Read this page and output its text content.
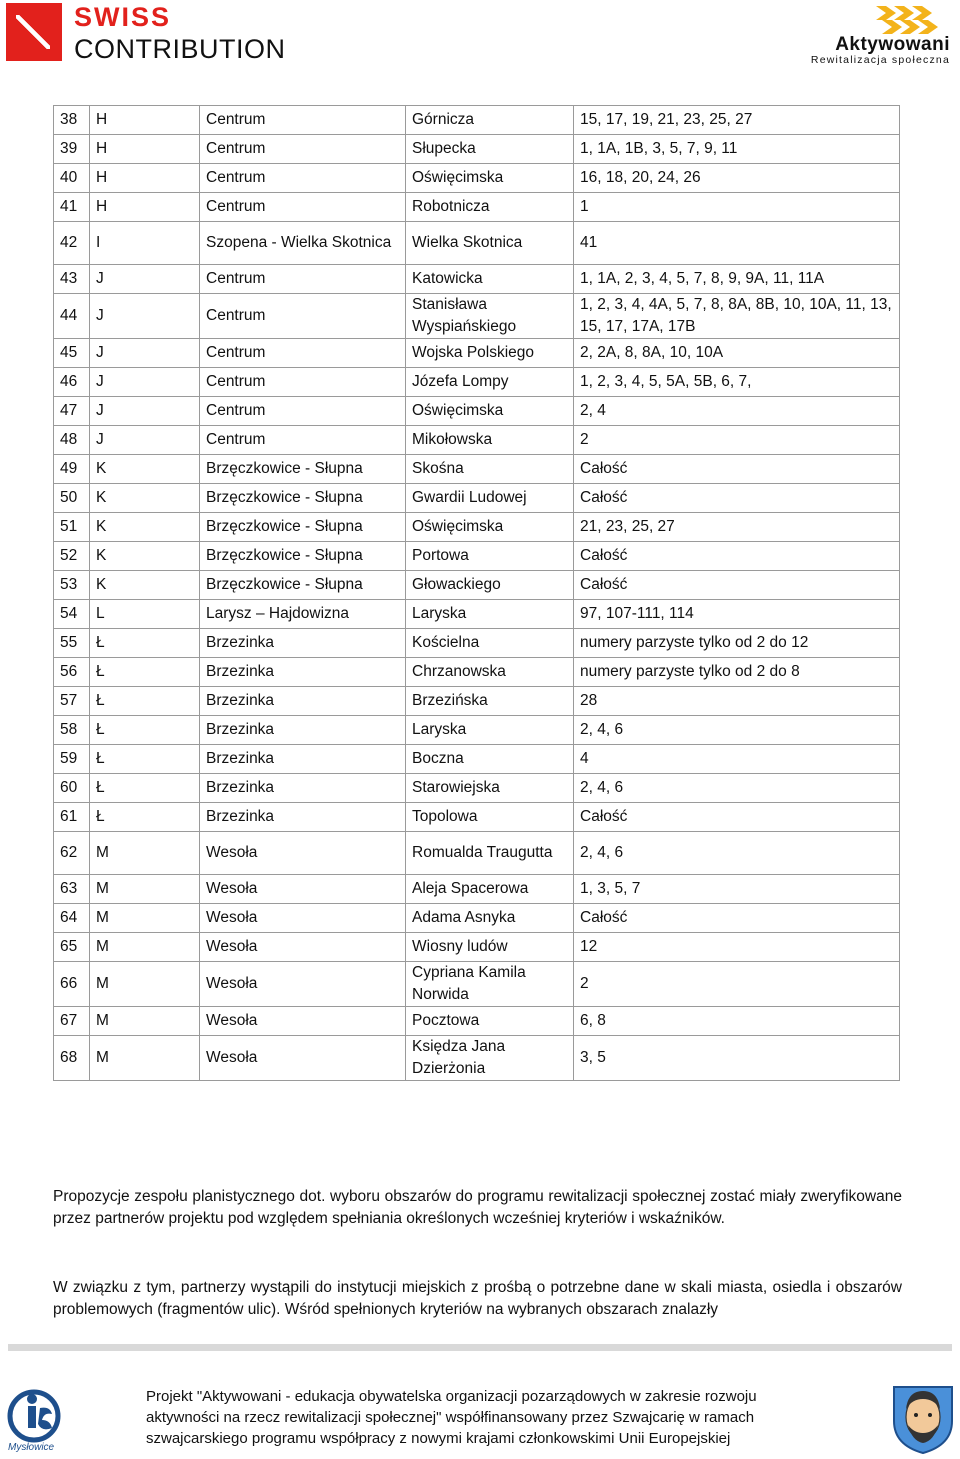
SWISS
CONTRIBUTION	Aktywowani
Rewitalizacja społeczna
38	H	Centrum	Górnicza	15, 17, 19, 21, 23, 25, 27
39	H	Centrum	Słupecka	1, 1A, 1B, 3, 5, 7, 9, 11
40	H	Centrum	Oświęcimska	16, 18, 20, 24, 26
41	H	Centrum	Robotnicza	1
42	I	Szopena - Wielka Skotnica	Wielka Skotnica	41
43	J	Centrum	Katowicka	1, 1A, 2, 3, 4, 5, 7, 8, 9, 9A, 11, 11A
44	J	Centrum	Stanisława Wyspiańskiego	1, 2, 3, 4, 4A, 5, 7, 8, 8A, 8B, 10, 10A, 11, 13, 15, 17, 17A, 17B
45	J	Centrum	Wojska Polskiego	2, 2A, 8, 8A, 10, 10A
46	J	Centrum	Józefa Lompy	1, 2, 3, 4, 5, 5A, 5B, 6, 7,
47	J	Centrum	Oświęcimska	2, 4
48	J	Centrum	Mikołowska	2
49	K	Brzęczkowice - Słupna	Skośna	Całość
50	K	Brzęczkowice - Słupna	Gwardii Ludowej	Całość
51	K	Brzęczkowice - Słupna	Oświęcimska	21, 23, 25, 27
52	K	Brzęczkowice - Słupna	Portowa	Całość
53	K	Brzęczkowice - Słupna	Głowackiego	Całość
54	L	Larysz – Hajdowizna	Laryska	97, 107-111, 114
55	Ł	Brzezinka	Kościelna	numery parzyste tylko od 2 do 12
56	Ł	Brzezinka	Chrzanowska	numery parzyste tylko od 2 do 8
57	Ł	Brzezinka	Brzezińska	28
58	Ł	Brzezinka	Laryska	2, 4, 6
59	Ł	Brzezinka	Boczna	4
60	Ł	Brzezinka	Starowiejska	2, 4, 6
61	Ł	Brzezinka	Topolowa	Całość
62	M	Wesoła	Romualda Traugutta	2, 4, 6
63	M	Wesoła	Aleja Spacerowa	1, 3, 5, 7
64	M	Wesoła	Adama Asnyka	Całość
65	M	Wesoła	Wiosny ludów	12
66	M	Wesoła	Cypriana Kamila Norwida	2
67	M	Wesoła	Pocztowa	6, 8
68	M	Wesoła	Księdza Jana Dzierżonia	3, 5

Propozycje zespołu planistycznego dot. wyboru obszarów do programu rewitalizacji społecznej zostać miały zweryfikowane przez partnerów projektu pod względem spełniania określonych wcześniej kryteriów i wskaźników.

W związku z tym, partnerzy wystąpili do instytucji miejskich z prośbą o potrzebne dane w skali miasta, osiedla i obszarów problemowych (fragmentów ulic). Wśród spełnionych kryteriów na wybranych obszarach znalazły

Mysłowice
Projekt "Aktywowani - edukacja obywatelska organizacji pozarządowych w zakresie rozwoju
aktywności na rzecz rewitalizacji społecznej" współfinansowany przez Szwajcarię w ramach
szwajcarskiego programu współpracy z nowymi krajami członkowskimi Unii Europejskiej
